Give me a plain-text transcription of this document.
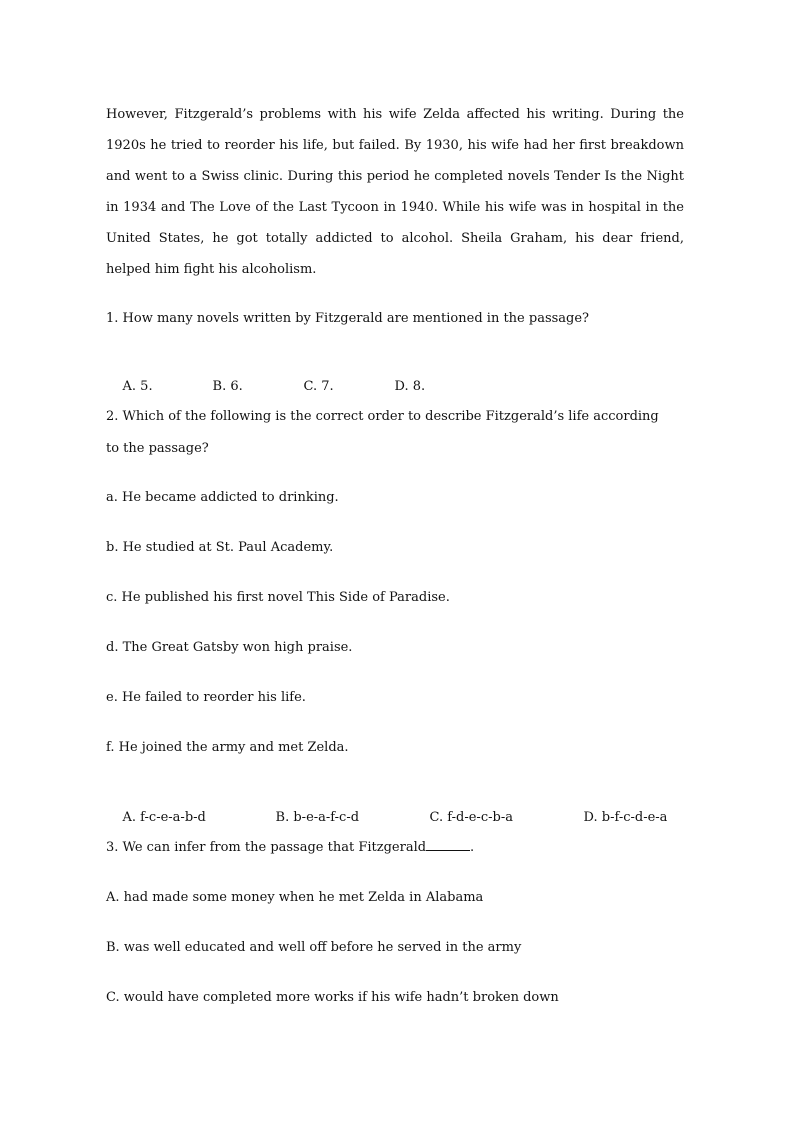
However, Fitzgerald’s problems with his wife Zelda affected his writing. During the 1920s he tried to reorder his life, but failed. By 1930, his wife had her first breakdown and went to a Swiss clinic. During this period he completed novels Tender Is the Night in 1934 and The Love of the Last Tycoon in 1940. While his wife was in hospital in the United States, he got totally addicted to alcohol. Sheila Graham, his dear friend, helped him fight his alcoholism.
1. How many novels written by Fitzgerald are mentioned in the passage?

A. 5.	B. 6.	C. 7.	D. 8.

2. Which of the following is the correct order to describe Fitzgerald’s life according
to the passage?
a. He became addicted to drinking.
b. He studied at St. Paul Academy.
c. He published his first novel This Side of Paradise.
d. The Great Gatsby won high praise.
e. He failed to reorder his life.
f. He joined the army and met Zelda.

A. f-c-e-a-b-d	B. b-e-a-f-c-d	C. f-d-e-c-b-a	D. b-f-c-d-e-a

3. We can infer from the passage that Fitzgerald	.
A. had made some money when he met Zelda in Alabama
B. was well educated and well off before he served in the army
C. would have completed more works if his wife hadn’t broken down
